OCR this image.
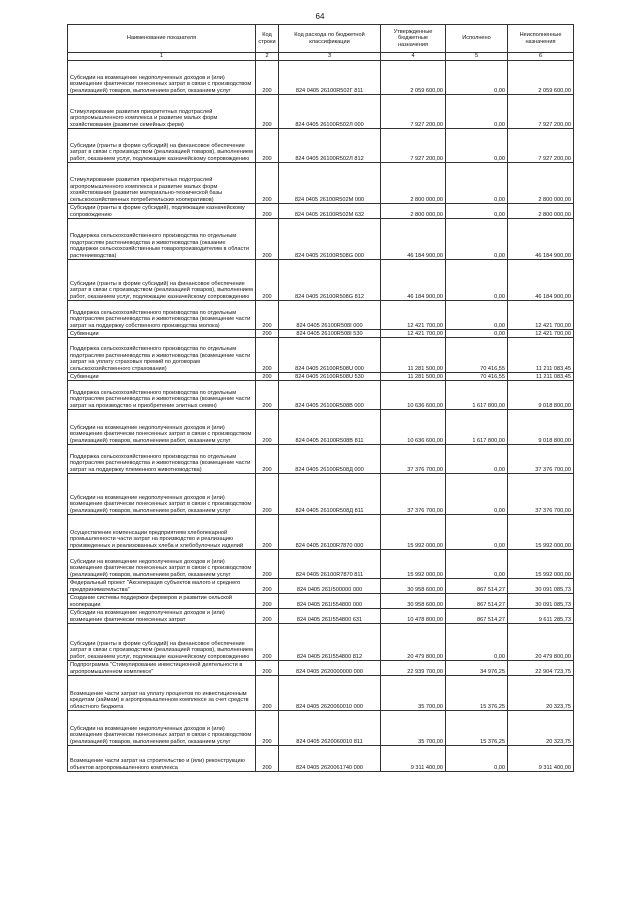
64
Наименование показателя	Код строки	Код расхода по бюджетной классификации	Утвержденные бюджетные назначения	Исполнено	Неисполненные назначения
1	2	3	4	5	6
Субсидии на возмещение недополученных доходов и (или) возмещение фактически понесенных затрат в связи с производством (реализацией) товаров, выполнением работ, оказанием услуг	200	824 0405 26100R502Г 811	2 059 600,00	0,00	2 059 600,00
Стимулирование развития приоритетных подотраслей агропромышленного комплекса и развитие малых форм хозяйствования (развитие семейных ферм)	200	824 0405 26100R502Л 000	7 927 200,00	0,00	7 927 200,00
Субсидии (гранты в форме субсидий) на финансовое обеспечение затрат в связи с производством (реализацией товаров), выполнением работ, оказанием услуг, подлежащие казначейскому сопровождению	200	824 0405 26100R502Л 812	7 927 200,00	0,00	7 927 200,00
Стимулирование развития приоритетных подотраслей агропромышленного комплекса и развитие малых форм хозяйствования (развитие материально-технической базы сельскохозяйственных потребительских кооперативов)	200	824 0405 26100R502М 000	2 800 000,00	0,00	2 800 000,00
Субсидии (гранты в форме субсидий), подлежащие казначейскому сопровождению	200	824 0405 26100R502М 632	2 800 000,00	0,00	2 800 000,00
Поддержка сельскохозяйственного производства по отдельным подотраслям растениеводства и животноводства (оказание поддержки сельскохозяйственным товаропроизводителям в области растениеводства)	200	824 0405 26100R508G 000	46 184 900,00	0,00	46 184 900,00
Субсидии (гранты в форме субсидий) на финансовое обеспечение затрат в связи с производством (реализацией товаров), выполнением работ, оказанием услуг, подлежащие казначейскому сопровождению	200	824 0405 26100R508G 812	46 184 900,00	0,00	46 184 900,00
Поддержка сельскохозяйственного производства по отдельным подотраслям растениеводства и животноводства (возмещение части затрат на поддержку собственного производства молока)	200	824 0405 26100R508I 000	12 421 700,00	0,00	12 421 700,00
Субвенции	200	824 0405 26100R508I 530	12 421 700,00	0,00	12 421 700,00
Поддержка сельскохозяйственного производства по отдельным подотраслям растениеводства и животноводства (возмещение части затрат на уплату страховых премий по договорам сельскохозяйственного страхования)	200	824 0405 26100R508U 000	11 281 500,00	70 416,55	11 211 083,45
Субвенции	200	824 0405 26100R508U 530	11 281 500,00	70 416,55	11 211 083,45
Поддержка сельскохозяйственного производства по отдельным подотраслям растениеводства и животноводства (возмещение части затрат на производство и приобретение элитных семян)	200	824 0405 26100R508В 000	10 636 600,00	1 617 800,00	9 018 800,00
Субсидии на возмещение недополученных доходов и (или) возмещение фактически понесенных затрат в связи с производством (реализацией) товаров, выполнением работ, оказанием услуг	200	824 0405 26100R508В 811	10 636 600,00	1 617 800,00	9 018 800,00
Поддержка сельскохозяйственного производства по отдельным подотраслям растениеводства и животноводства (возмещение части затрат на поддержку племенного животноводства)	200	824 0405 26100R508Д 000	37 376 700,00	0,00	37 376 700,00
Субсидии на возмещение недополученных доходов и (или) возмещение фактически понесенных затрат в связи с производством (реализацией) товаров, выполнением работ, оказанием услуг	200	824 0405 26100R508Д 811	37 376 700,00	0,00	37 376 700,00
Осуществление компенсации предприятиям хлебопекарной промышленности части затрат на производство и реализацию произведенных и реализованных хлеба и хлебобулочных изделий	200	824 0405 26100R7870 000	15 992 000,00	0,00	15 992 000,00
Субсидии на возмещение недополученных доходов и (или) возмещение фактически понесенных затрат в связи с производством (реализацией) товаров, выполнением работ, оказанием услуг	200	824 0405 26100R7870 811	15 992 000,00	0,00	15 992 000,00
Федеральный проект "Акселерация субъектов малого и среднего предпринимательства"	200	824 0405 261I500000 000	30 958 600,00	867 514,27	30 091 085,73
Создание системы поддержки фермеров и развитие сельской кооперации	200	824 0405 261I554800 000	30 958 600,00	867 514,27	30 091 085,73
Субсидии на возмещение недополученных доходов и (или) возмещение фактически понесенных затрат	200	824 0405 261I554800 631	10 478 800,00	867 514,27	9 611 285,73
Субсидии (гранты в форме субсидий) на финансовое обеспечение затрат в связи с производством (реализацией товаров), выполнением работ, оказанием услуг, подлежащие казначейскому сопровождению	200	824 0405 261I554800 812	20 479 800,00	0,00	20 479 800,00
Подпрограмма "Стимулирование инвестиционной деятельности в агропромышленном комплексе"	200	824 0405 2620000000 000	22 939 700,00	34 976,25	22 904 723,75
Возмещение части затрат на уплату процентов по инвестиционным кредитам (займам) в агропромышленном комплексе за счет средств областного бюджета	200	824 0405 2620060010 000	35 700,00	15 376,25	20 323,75
Субсидии на возмещение недополученных доходов и (или) возмещение фактически понесенных затрат в связи с производством (реализацией) товаров, выполнением работ, оказанием услуг	200	824 0405 2620060010 811	35 700,00	15 376,25	20 323,75
Возмещение части затрат на строительство и (или) реконструкцию объектов агропромышленного комплекса	200	824 0405 2620061740 000	9 311 400,00	0,00	9 311 400,00
